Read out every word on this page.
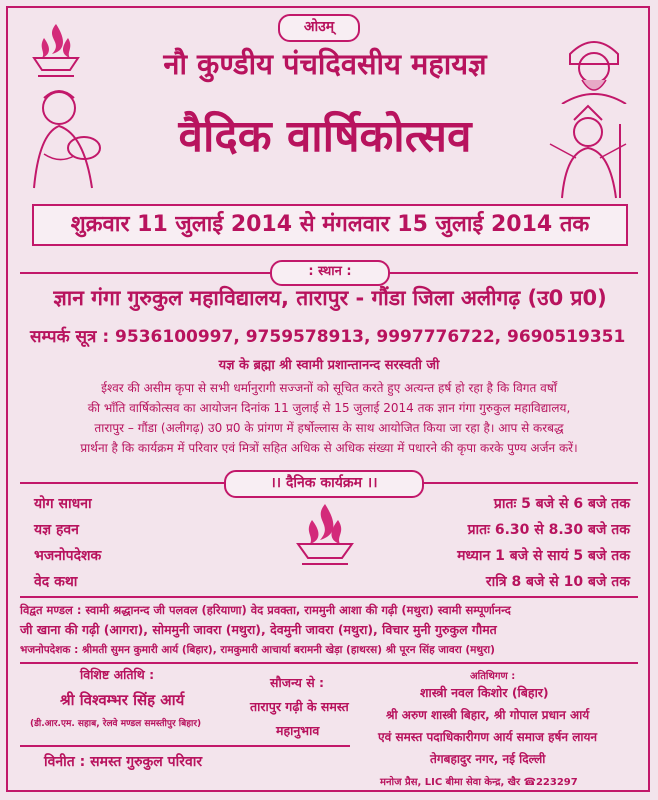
ओउम्
नौ कुण्डीय पंचदिवसीय महायज्ञ
वैदिक वार्षिकोत्सव
शुक्रवार 11 जुलाई 2014 से मंगलवार 15 जुलाई 2014 तक
: स्थान :
ज्ञान गंगा गुरुकुल महाविद्यालय, तारापुर - गौंडा जिला अलीगढ़ (उ0 प्र0)
सम्पर्क सूत्र : 9536100997, 9759578913, 9997776722, 9690519351
यज्ञ के ब्रह्मा श्री स्वामी प्रशान्तानन्द सरस्वती जी
ईश्वर की असीम कृपा से सभी धर्मानुरागी सज्जनों को सूचित करते हुए अत्यन्त हर्ष हो रहा है कि विगत वर्षों
की भाँति वार्षिकोत्सव का आयोजन दिनांक 11 जुलाई से 15 जुलाई 2014 तक ज्ञान गंगा गुरुकुल महाविद्यालय,
तारापुर – गौंडा (अलीगढ़) उ0 प्र0 के प्रांगण में हर्षोल्लास के साथ आयोजित किया जा रहा है। आप से करबद्ध
प्रार्थना है कि कार्यक्रम में परिवार एवं मित्रों सहित अधिक से अधिक संख्या में पधारने की कृपा करके पुण्य अर्जन करें।
।। दैनिक कार्यक्रम ।।
योग साधना
यज्ञ हवन
भजनोपदेशक
वेद कथा
प्रातः 5 बजे से 6 बजे तक
प्रातः 6.30 से 8.30 बजे तक
मध्यान 1 बजे से सायं 5 बजे तक
रात्रि 8 बजे से 10 बजे तक
विद्वत मण्डल : स्वामी श्रद्धानन्द जी पलवल (हरियाणा) वेद प्रवक्ता, राममुनी आशा की गढ़ी (मथुरा) स्वामी सम्पूर्णानन्द
जी खाना की गढ़ी (आगरा), सोममुनी जावरा (मथुरा), देवमुनी जावरा (मथुरा), विचार मुनी गुरुकुल गौमत
भजनोपदेशक : श्रीमती सुमन कुमारी आर्य (बिहार), रामकुमारी आचार्या बरामनी खेड़ा (हाथरस) श्री पूरन सिंह जावरा (मथुरा)
विशिष्ट अतिथि :
श्री विश्वम्भर सिंह आर्य
(डी.आर.एम. सहाब, रेलवे मण्डल समस्तीपुर बिहार)
सौजन्य से :
तारापुर गढ़ी के समस्त
महानुभाव
अतिथिगण :
शास्त्री नवल किशोर (बिहार)
श्री अरुण शास्त्री बिहार, श्री गोपाल प्रधान आर्य
एवं समस्त पदाधिकारीगण आर्य समाज हर्षन लायन
तेगबहादुर नगर, नई दिल्ली
विनीत : समस्त गुरुकुल परिवार
मनोज प्रैस, LIC बीमा सेवा केन्द्र, खैर ☎223297
